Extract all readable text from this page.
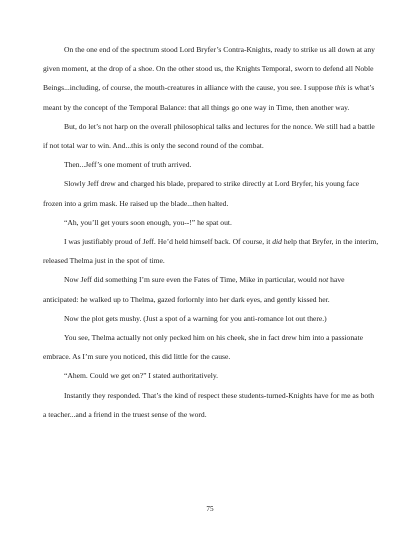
On the one end of the spectrum stood Lord Bryfer’s Contra-Knights, ready to strike us all down at any given moment, at the drop of a shoe. On the other stood us, the Knights Temporal, sworn to defend all Noble Beings...including, of course, the mouth-creatures in alliance with the cause, you see. I suppose this is what’s meant by the concept of the Temporal Balance: that all things go one way in Time, then another way.

But, do let’s not harp on the overall philosophical talks and lectures for the nonce. We still had a battle if not total war to win. And...this is only the second round of the combat.

Then...Jeff’s one moment of truth arrived.

Slowly Jeff drew and charged his blade, prepared to strike directly at Lord Bryfer, his young face frozen into a grim mask. He raised up the blade...then halted.

“Ah, you’ll get yours soon enough, you--!” he spat out.

I was justifiably proud of Jeff. He’d held himself back. Of course, it did help that Bryfer, in the interim, released Thelma just in the spot of time.

Now Jeff did something I’m sure even the Fates of Time, Mike in particular, would not have anticipated: he walked up to Thelma, gazed forlornly into her dark eyes, and gently kissed her.

Now the plot gets mushy. (Just a spot of a warning for you anti-romance lot out there.)

You see, Thelma actually not only pecked him on his cheek, she in fact drew him into a passionate embrace. As I’m sure you noticed, this did little for the cause.

“Ahem. Could we get on?” I stated authoritatively.

Instantly they responded. That’s the kind of respect these students-turned-Knights have for me as both a teacher...and a friend in the truest sense of the word.

75
